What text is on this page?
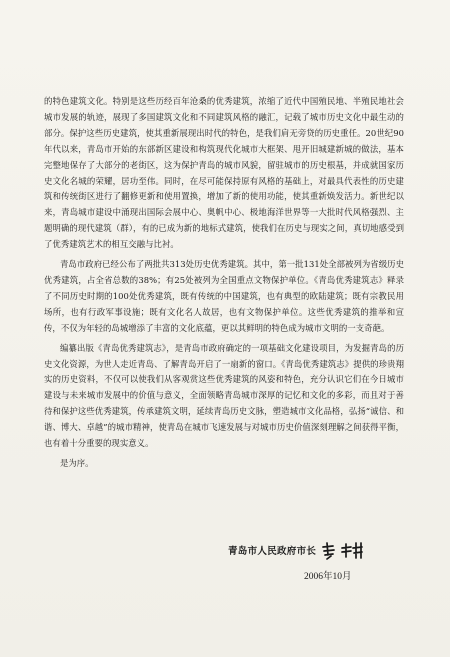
的特色建筑文化。特别是这些历经百年沧桑的优秀建筑，浓缩了近代中国殖民地、半殖民地社会城市发展的轨迹，展现了多国建筑文化和不同建筑风格的融汇，记载了城市历史文化中最生动的部分。保护这些历史建筑，使其重新展现出时代的特色，是我们肩无旁贷的历史重任。20世纪90年代以来，青岛市开始的东部新区建设和构筑现代化城市大框架、甩开旧城建新城的做法，基本完整地保存了大部分的老街区，这为保护青岛的城市风貌，留驻城市的历史根基，并成就国家历史文化名城的荣耀，居功至伟。同时，在尽可能保持原有风格的基础上，对最具代表性的历史建筑和传统街区进行了翻修更新和使用置换，增加了新的使用功能，使其重新焕发活力。新世纪以来，青岛城市建设中涌现出国际会展中心、奥帆中心、极地海洋世界等一大批时代风格强烈、主题明确的现代建筑（群），有的已成为新的地标式建筑，使我们在历史与现实之间，真切地感受到了优秀建筑艺术的相互交融与比衬。

青岛市政府已经公布了两批共313处历史优秀建筑。其中，第一批131处全部被列为省级历史优秀建筑，占全省总数的38%；有25处被列为全国重点文物保护单位。《青岛优秀建筑志》释录了不同历史时期的100处优秀建筑，既有传统的中国建筑，也有典型的欧陆建筑；既有宗教民用场所，也有行政军事设施；既有文化名人故居，也有文物保护单位。这些优秀建筑的推举和宣传，不仅为年轻的岛城增添了丰富的文化底蕴，更以其鲜明的特色成为城市文明的一支奇葩。

编纂出版《青岛优秀建筑志》，是青岛市政府确定的一项基础文化建设项目，为发掘青岛的历史文化资源，为世人走近青岛、了解青岛开启了一扇新的窗口。《青岛优秀建筑志》提供的珍贵翔实的历史资料，不仅可以使我们从客观赏这些优秀建筑的风姿和特色，充分认识它们在今日城市建设与未来城市发展中的价值与意义，全面领略青岛城市深厚的记忆和文化的多彩，而且对于善待和保护这些优秀建筑，传承建筑文明，延续青岛历史文脉，塑造城市文化品格，弘扬“诚信、和谐、博大、卓越”的城市精神，使青岛在城市飞速发展与对城市历史价值深刻理解之间获得平衡，也有着十分重要的现实意义。

是为序。
青岛市人民政府市长
2006年10月
